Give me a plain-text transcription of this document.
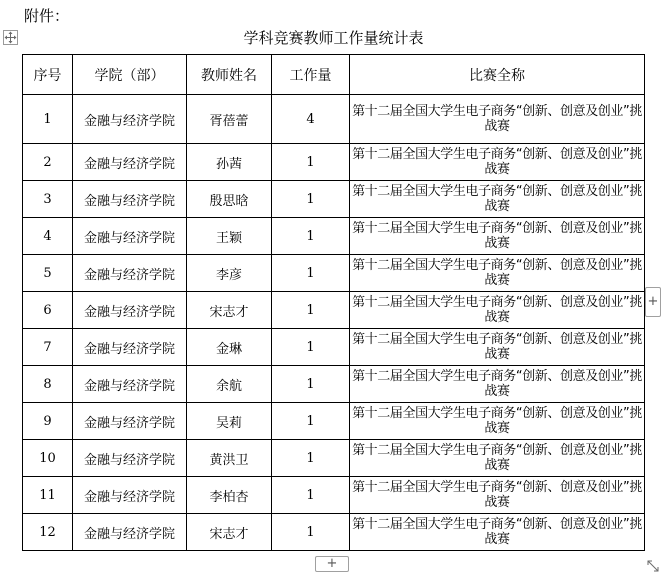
附件：
学科竞赛教师工作量统计表
序号	学院（部）	教师姓名	工作量	比赛全称
1	金融与经济学院	胥蓓蕾	4	第十二届全国大学生电子商务“创新、创意及创业”挑战赛
2	金融与经济学院	孙茜	1	第十二届全国大学生电子商务“创新、创意及创业”挑战赛
3	金融与经济学院	殷思晗	1	第十二届全国大学生电子商务“创新、创意及创业”挑战赛
4	金融与经济学院	王颖	1	第十二届全国大学生电子商务“创新、创意及创业”挑战赛
5	金融与经济学院	李彦	1	第十二届全国大学生电子商务“创新、创意及创业”挑战赛
6	金融与经济学院	宋志才	1	第十二届全国大学生电子商务“创新、创意及创业”挑战赛
7	金融与经济学院	金琳	1	第十二届全国大学生电子商务“创新、创意及创业”挑战赛
8	金融与经济学院	余航	1	第十二届全国大学生电子商务“创新、创意及创业”挑战赛
9	金融与经济学院	吴莉	1	第十二届全国大学生电子商务“创新、创意及创业”挑战赛
10	金融与经济学院	黄洪卫	1	第十二届全国大学生电子商务“创新、创意及创业”挑战赛
11	金融与经济学院	李柏杏	1	第十二届全国大学生电子商务“创新、创意及创业”挑战赛
12	金融与经济学院	宋志才	1	第十二届全国大学生电子商务“创新、创意及创业”挑战赛
+
+
